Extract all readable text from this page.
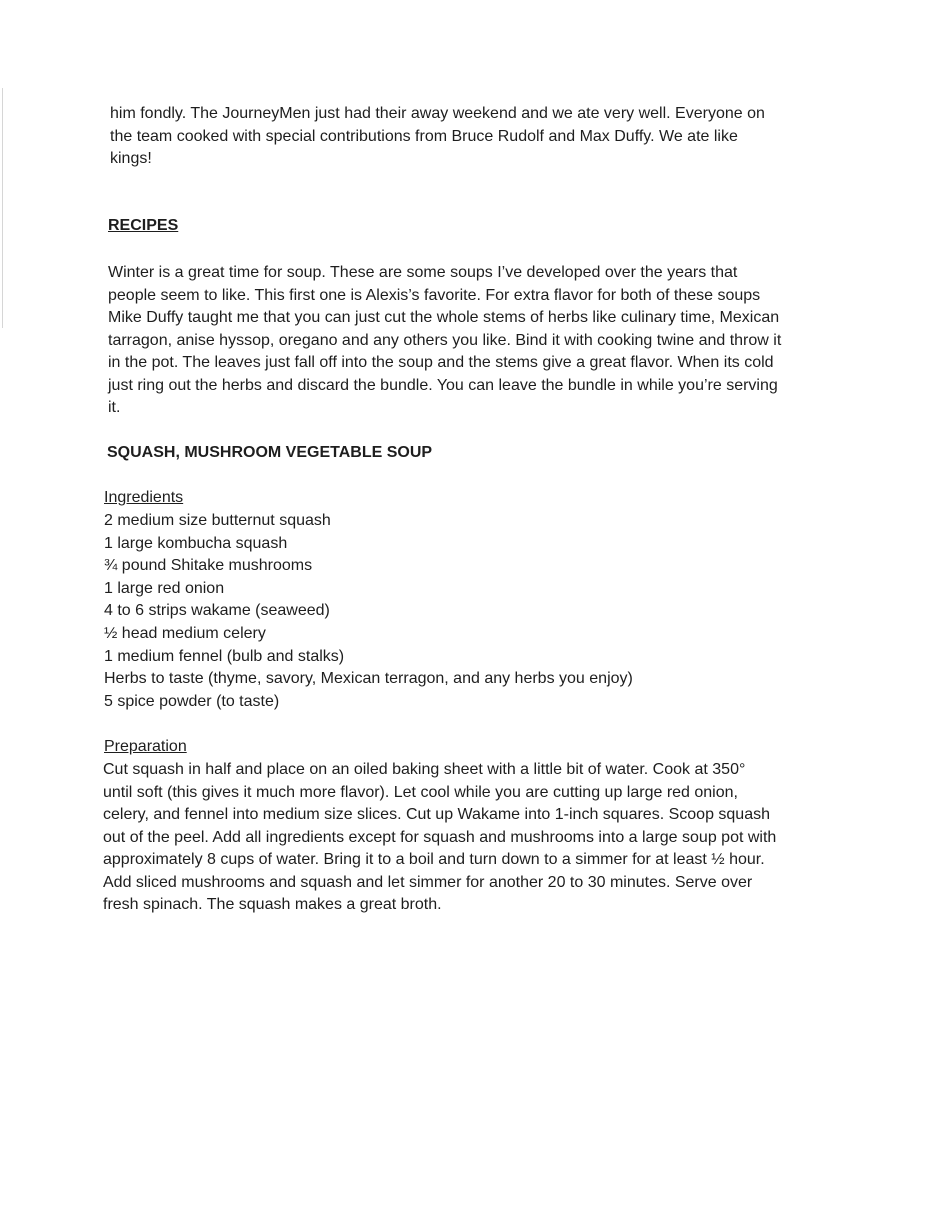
him fondly. The JourneyMen just had their away weekend and we ate very well. Everyone on
the team cooked with special contributions from Bruce Rudolf and Max Duffy. We ate like
kings!
RECIPES
Winter is a great time for soup. These are some soups I’ve developed over the years that
people seem to like. This first one is Alexis’s favorite. For extra flavor for both of these soups
Mike Duffy taught me that you can just cut the whole stems of herbs like culinary time, Mexican
tarragon, anise hyssop, oregano and any others you like. Bind it with cooking twine and throw it
in the pot. The leaves just fall off into the soup and the stems give a great flavor. When its cold
just ring out the herbs and discard the bundle. You can leave the bundle in while you’re serving
it.
SQUASH, MUSHROOM VEGETABLE SOUP
Ingredients
2 medium size butternut squash
1 large kombucha squash
¾ pound Shitake mushrooms
1 large red onion
4 to 6 strips wakame (seaweed)
½ head medium celery
1 medium fennel (bulb and stalks)
Herbs to taste (thyme, savory, Mexican terragon, and any herbs you enjoy)
5 spice powder (to taste)
Preparation
Cut squash in half and place on an oiled baking sheet with a little bit of water. Cook at 350°
until soft (this gives it much more flavor). Let cool while you are cutting up large red onion,
celery, and fennel into medium size slices. Cut up Wakame into 1-inch squares. Scoop squash
out of the peel. Add all ingredients except for squash and mushrooms into a large soup pot with
approximately 8 cups of water. Bring it to a boil and turn down to a simmer for at least ½ hour.
Add sliced mushrooms and squash and let simmer for another 20 to 30 minutes. Serve over
fresh spinach. The squash makes a great broth.
